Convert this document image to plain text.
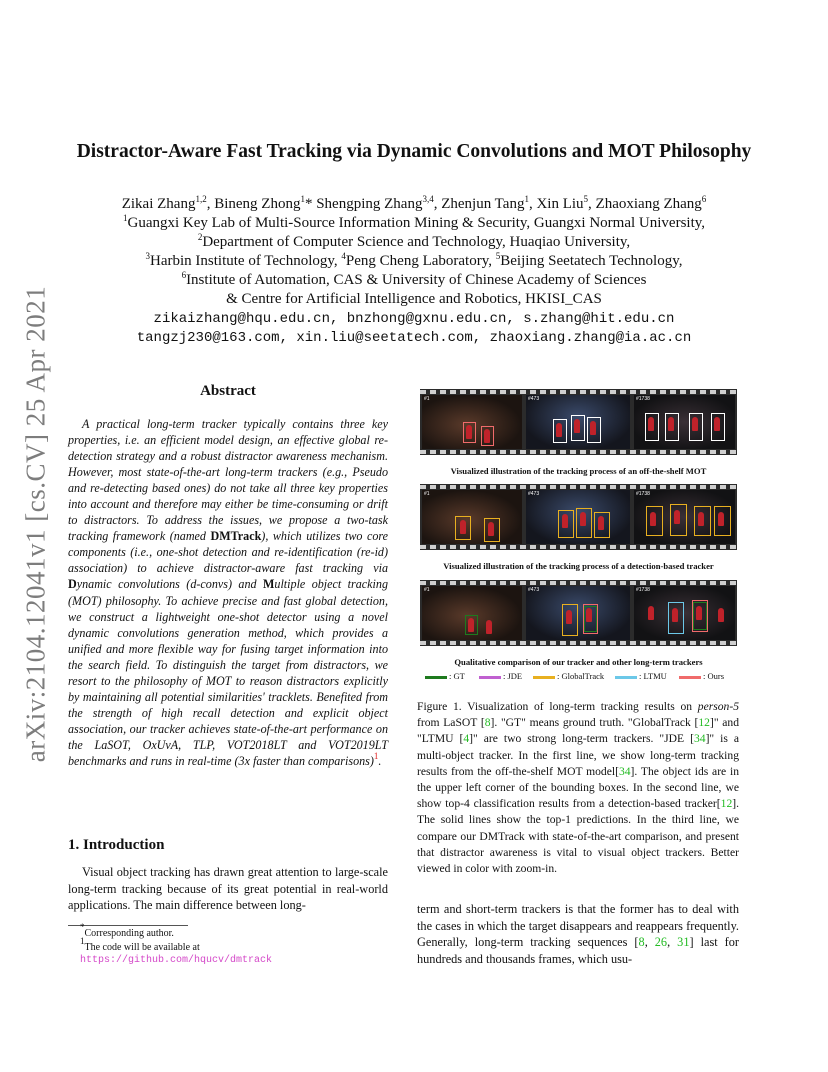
arXiv:2104.12041v1 [cs.CV] 25 Apr 2021
Distractor-Aware Fast Tracking via Dynamic Convolutions and MOT Philosophy
Zikai Zhang$^{1,2}$, Bineng Zhong$^1$* Shengping Zhang$^{3,4}$, Zhenjun Tang$^1$, Xin Liu$^5$, Zhaoxiang Zhang$^6$
$^1$Guangxi Key Lab of Multi-Source Information Mining & Security, Guangxi Normal University,
$^2$Department of Computer Science and Technology, Huaqiao University,
$^3$Harbin Institute of Technology, $^4$Peng Cheng Laboratory, $^5$Beijing Seetatech Technology,
$^6$Institute of Automation, CAS & University of Chinese Academy of Sciences
& Centre for Artificial Intelligence and Robotics, HKISI_CAS
zikaizhang@hqu.edu.cn, bnzhong@gxnu.edu.cn, s.zhang@hit.edu.cn
tangzj230@163.com, xin.liu@seetatech.com, zhaoxiang.zhang@ia.ac.cn
Abstract

A practical long-term tracker typically contains three key properties, i.e. an efficient model design, an effective global re-detection strategy and a robust distractor awareness mechanism. However, most state-of-the-art long-term trackers (e.g., Pseudo and re-detecting based ones) do not take all three key properties into account and therefore may either be time-consuming or drift to distractors. To address the issues, we propose a two-task tracking framework (named DMTrack), which utilizes two core components (i.e., one-shot detection and re-identification (re-id) association) to achieve distractor-aware fast tracking via Dynamic convolutions (d-convs) and Multiple object tracking (MOT) philosophy. To achieve precise and fast global detection, we construct a lightweight one-shot detector using a novel dynamic convolutions generation method, which provides a unified and more flexible way for fusing target information into the search field. To distinguish the target from distractors, we resort to the philosophy of MOT to reason distractors explicitly by maintaining all potential similarities' tracklets. Benefited from the strength of high recall detection and explicit object association, our tracker achieves state-of-the-art performance on the LaSOT, OxUvA, TLP, VOT2018LT and VOT2019LT benchmarks and runs in real-time (3x faster than comparisons)$^1$.

1. Introduction

Visual object tracking has drawn great attention to large-scale long-term tracking because of its great potential in real-world applications. The main difference between long-

*Corresponding author.

$^1$The code will be available at https://github.com/hqucv/dmtrack

#1	#473	#1738
Visualized illustration of the tracking process of an off-the-shelf MOT
#1	#473	#1738
Visualized illustration of the tracking process of a detection-based tracker
#1	#473	#1738
Qualitative comparison of our tracker and other long-term trackers
: GT	: JDE	: GlobalTrack	: LTMU	: Ours
Figure 1. Visualization of long-term tracking results on person-5 from LaSOT [8]. "GT" means ground truth. "GlobalTrack [12]" and "LTMU [4]" are two strong long-term trackers. "JDE [34]" is a multi-object tracker. In the first line, we show long-term tracking results from the off-the-shelf MOT model[34]. The object ids are in the upper left corner of the bounding boxes. In the second line, we show top-4 classification results from a detection-based tracker[12]. The solid lines show the top-1 predictions. In the third line, we compare our DMTrack with state-of-the-art comparison, and present that distractor awareness is vital to visual object trackers. Better viewed in color with zoom-in.
term and short-term trackers is that the former has to deal with the cases in which the target disappears and reappears frequently. Generally, long-term tracking sequences [8, 26, 31] last for hundreds and thousands frames, which usu-
